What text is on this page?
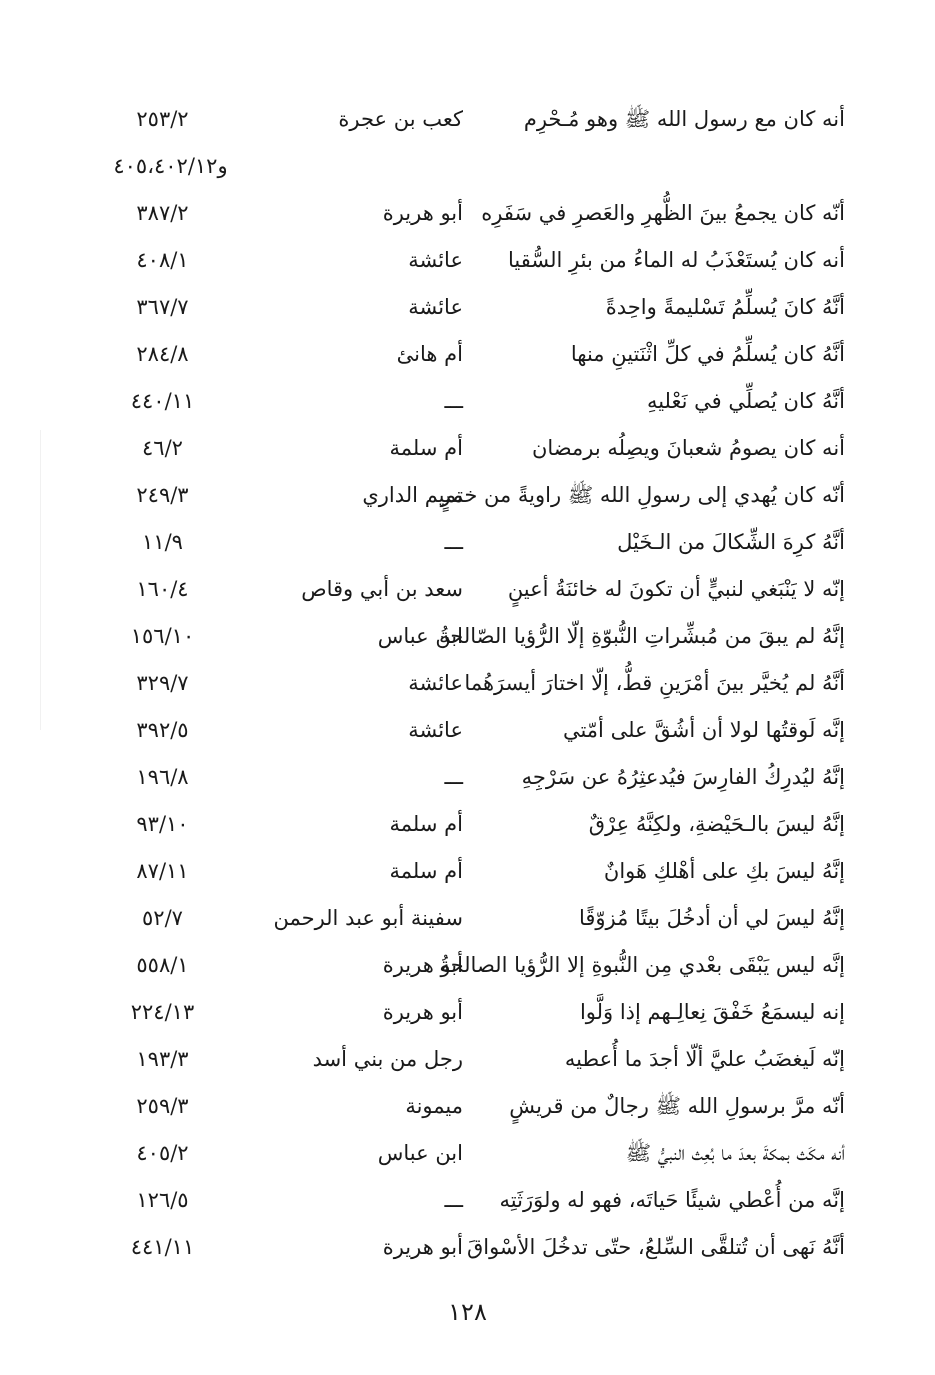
أنه كان مع رسول الله ﷺ وهو مُـحْرِم
كعب بن عجرة
٢٥٣/٢
و٤٠٥،٤٠٢/١٢
أنّه كان يجمعُ بينَ الظُّهرِ والعَصرِ في سَفَرِه
أبو هريرة
٣٨٧/٢
أنه كان يُستَعْذَبُ له الماءُ من بئرِ السُّقيا
عائشة
٤٠٨/١
أنَّهُ كانَ يُسلِّمُ تَسْليمةً واحِدةً
عائشة
٣٦٧/٧
أنَّهُ كان يُسلِّمُ في كلِّ اثْنَتينِ منها
أم هانئ
٢٨٤/٨
أنَّهُ كان يُصلِّي في نَعْليهِ
ـــ
٤٤٠/١١
أنه كان يصومُ شعبانَ ويصِلُه برمضان
أم سلمة
٤٦/٢
أنّه كان يُهدي إلى رسولِ الله ﷺ راويةً من خمرٍ
تميم الداري
٢٤٩/٣
أنَّهُ كرِهَ الشِّكالَ من الـخَيْل
ـــ
١١/٩
إنّه لا يَنْبَغي لنبيٍّ أن تكونَ له خائنَةُ أعينٍ
سعد بن أبي وقاص
١٦٠/٤
إنَّهُ لم يبقَ من مُبشِّراتِ النُّبوّةِ إلّا الرُّؤيا الصّالحةُ
ابن عباس
١٥٦/١٠
أنَّهُ لم يُخيَّر بينَ أمْرَينِ قطُّ، إلّا اختارَ أيسرَهُما
عائشة
٣٢٩/٧
إنَّه لَوقتُها لولا أن أشُقَّ على أمّتي
عائشة
٣٩٢/٥
إنَّهُ ليُدرِكُ الفارِسَ فيُدعثِرُهُ عن سَرْجِهِ
ـــ
١٩٦/٨
إنَّهُ ليسَ بالـحَيْضةِ، ولكِنَّهُ عِرْقٌ
أم سلمة
٩٣/١٠
إنَّهُ ليسَ بكِ على أهْلكِ هَوانٌ
أم سلمة
٨٧/١١
إنَّهُ ليسَ لي أن أدخُلَ بيتًا مُزوّقًا
سفينة أبو عبد الرحمن
٥٢/٧
إنَّه ليس يَبْقَى بعْدي مِن النُّبوةِ إلا الرُّؤيا الصالحةُ
أبو هريرة
٥٥٨/١
إنه ليسمَعُ خَفْقَ نِعالِـهم إذا وَلَّوا
أبو هريرة
٢٢٤/١٣
إنّه لَيغضَبُ عليَّ ألّا أجدَ ما أُعطيه
رجل من بني أسد
١٩٣/٣
أنّه مرَّ برسولِ الله ﷺ رجالٌ من قريشٍ
ميمونة
٢٥٩/٣
أنه مكَث بمكةَ بعدَ ما بُعِث النبيُّ ﷺ
ابن عباس
٤٠٥/٢
إنَّه من أُعْطي شيئًا حَياتَه، فهو له ولوَرَثَتِه
ـــ
١٢٦/٥
أنَّهُ نَهى أن تُتلقَّى السِّلعُ، حتّى تدخُلَ الأسْواقَ
أبو هريرة
٤٤١/١١
١٢٨
